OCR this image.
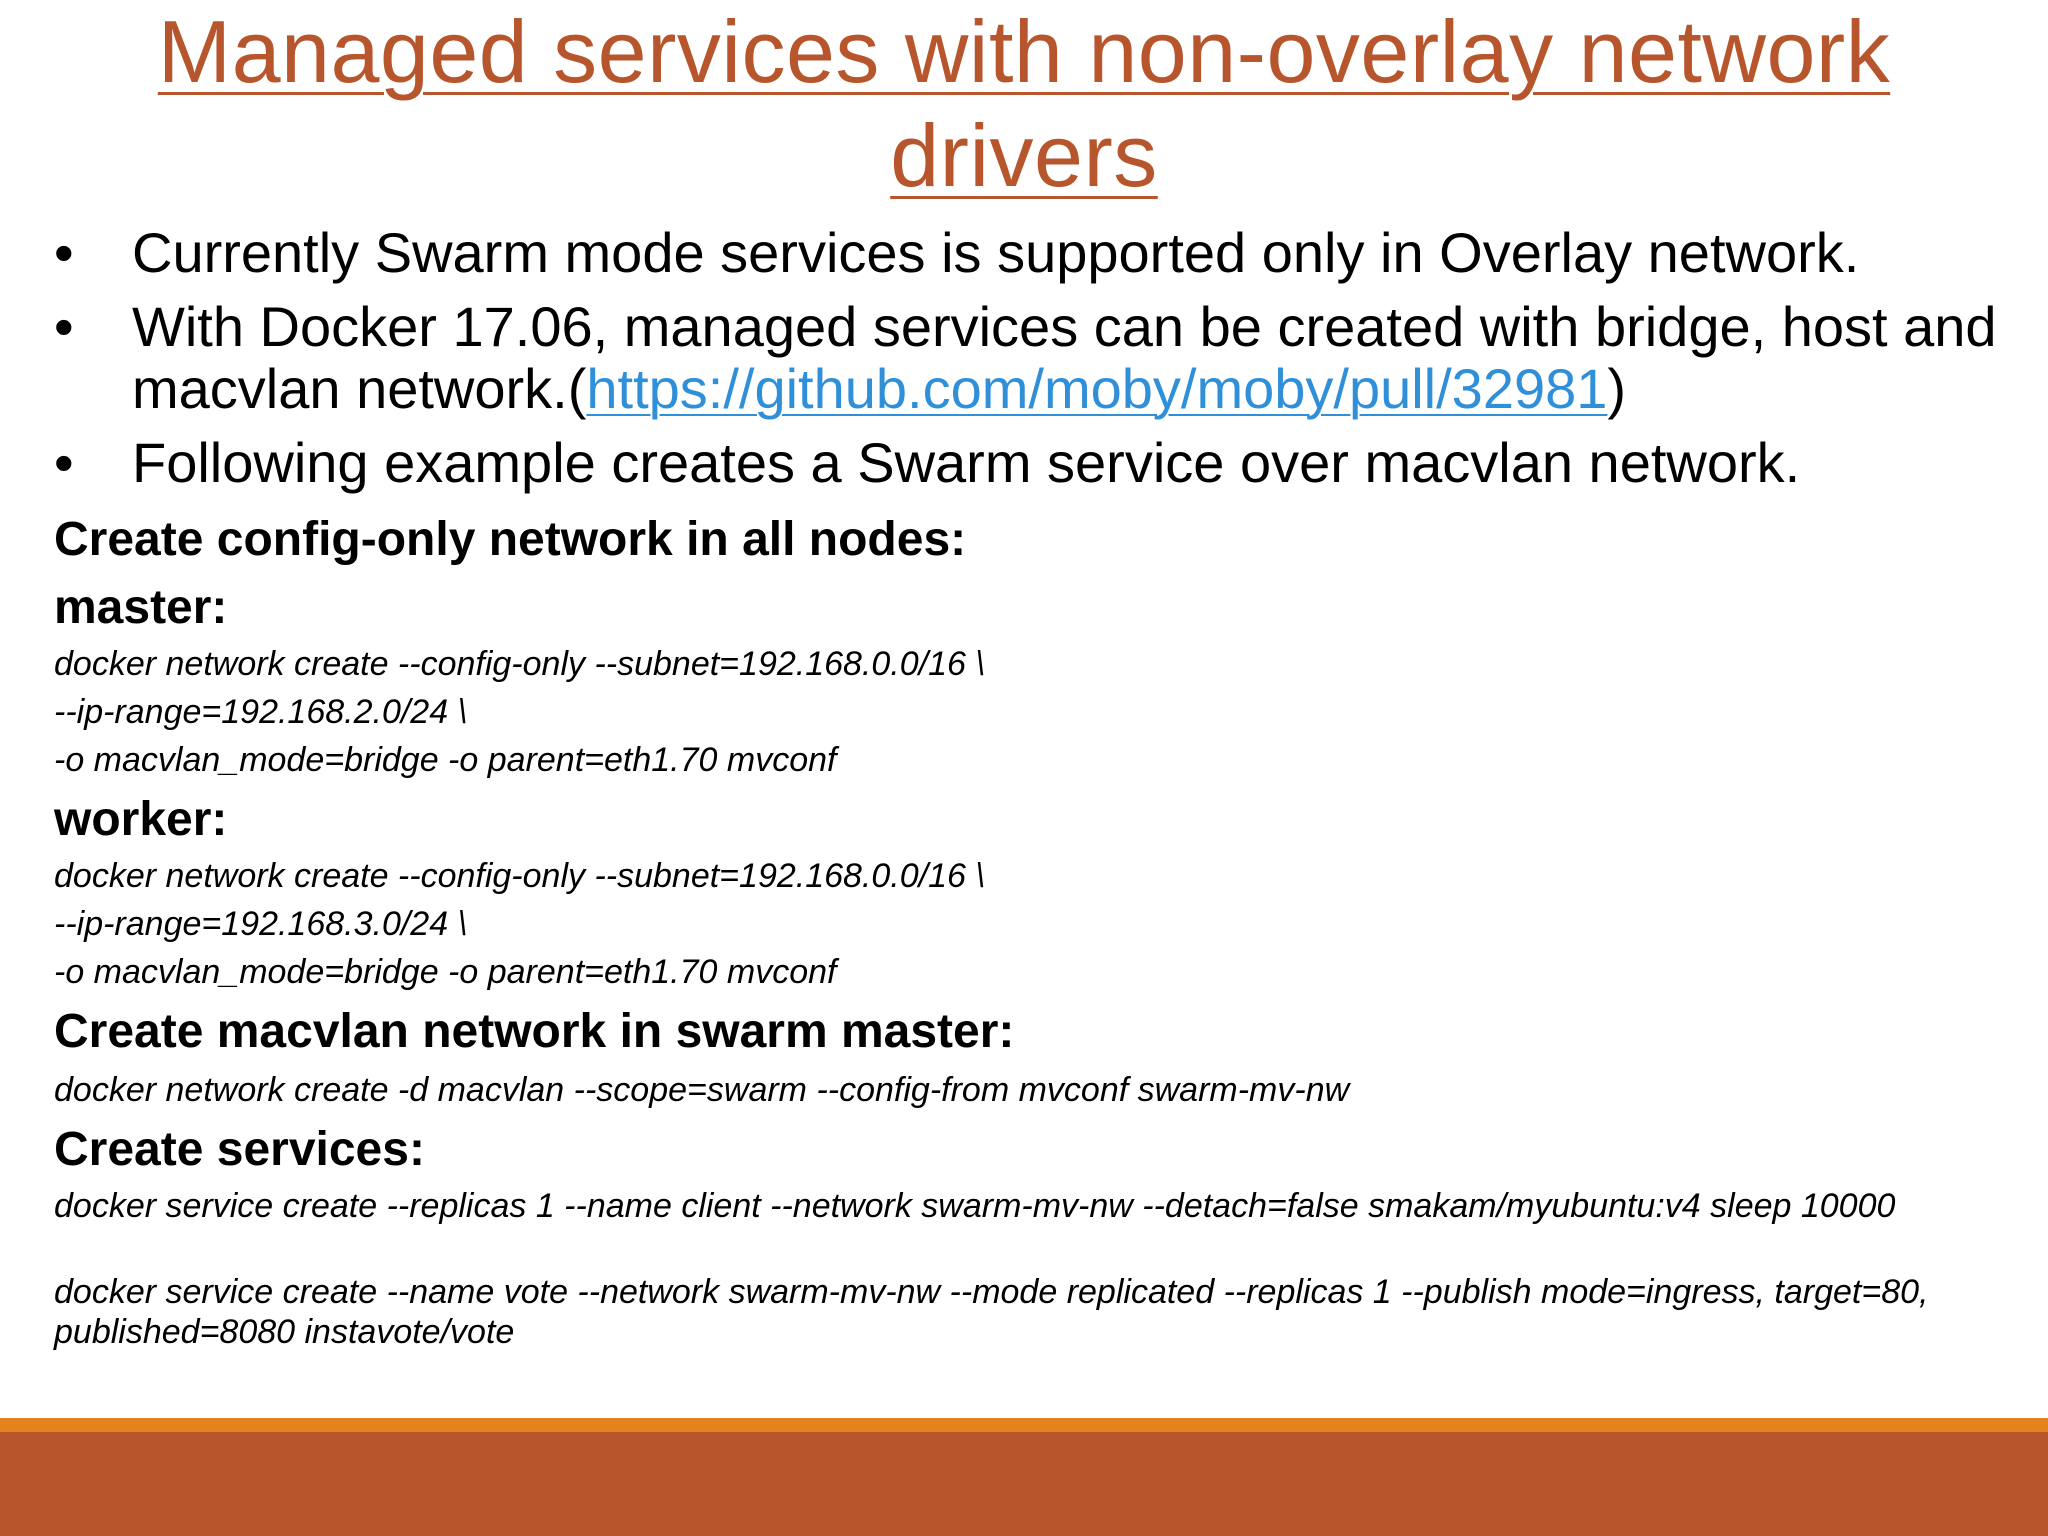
Managed services with non-overlay network
drivers
•	Currently Swarm mode services is supported only in Overlay network.
•	With Docker 17.06, managed services can be created with bridge, host and macvlan network.(https://github.com/moby/moby/pull/32981)
•	Following example creates a Swarm service over macvlan network.
Create config-only network in all nodes:
master:
docker network create --config-only --subnet=192.168.0.0/16 \
--ip-range=192.168.2.0/24 \
-o macvlan_mode=bridge -o parent=eth1.70 mvconf
worker:
docker network create --config-only --subnet=192.168.0.0/16 \
--ip-range=192.168.3.0/24 \
-o macvlan_mode=bridge -o parent=eth1.70 mvconf
Create macvlan network in swarm master:
docker network create -d macvlan --scope=swarm --config-from mvconf swarm-mv-nw
Create services:
docker service create --replicas 1 --name client --network swarm-mv-nw --detach=false smakam/myubuntu:v4 sleep 10000
docker service create --name vote --network swarm-mv-nw --mode replicated --replicas 1 --publish mode=ingress, target=80, published=8080 instavote/vote
